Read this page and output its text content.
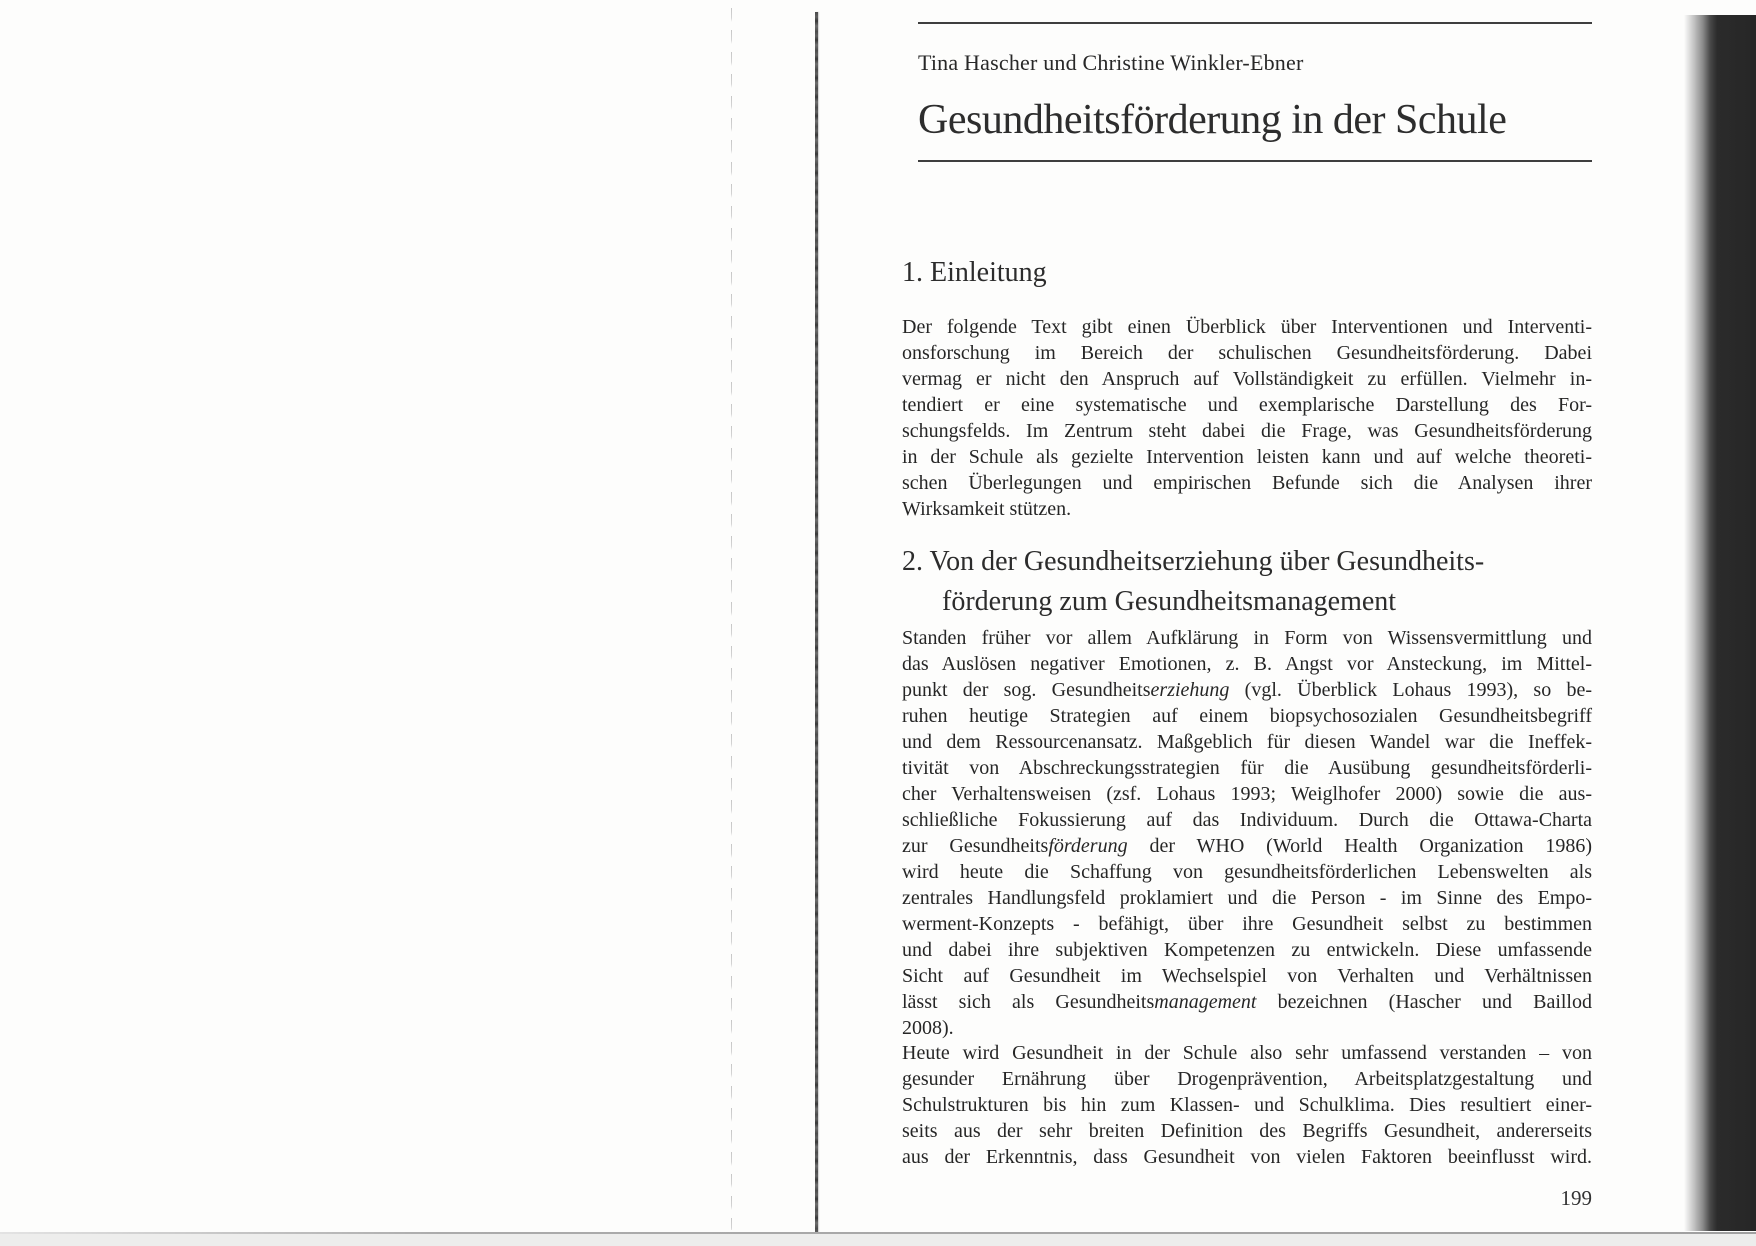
Tina Hascher und Christine Winkler-Ebner
Gesundheitsförderung in der Schule
1. Einleitung
Der folgende Text gibt einen Überblick über Interventionen und Interventi-
onsforschung im Bereich der schulischen Gesundheitsförderung. Dabei
vermag er nicht den Anspruch auf Vollständigkeit zu erfüllen. Vielmehr in-
tendiert er eine systematische und exemplarische Darstellung des For-
schungsfelds. Im Zentrum steht dabei die Frage, was Gesundheitsförderung
in der Schule als gezielte Intervention leisten kann und auf welche theoreti-
schen Überlegungen und empirischen Befunde sich die Analysen ihrer
Wirksamkeit stützen.
2. Von der Gesundheitserziehung über Gesundheits-
förderung zum Gesundheitsmanagement
Standen früher vor allem Aufklärung in Form von Wissensvermittlung und
das Auslösen negativer Emotionen, z. B. Angst vor Ansteckung, im Mittel-
punkt der sog. Gesundheitserziehung (vgl. Überblick Lohaus 1993), so be-
ruhen heutige Strategien auf einem biopsychosozialen Gesundheitsbegriff
und dem Ressourcenansatz. Maßgeblich für diesen Wandel war die Ineffek-
tivität von Abschreckungsstrategien für die Ausübung gesundheitsförderli-
cher Verhaltensweisen (zsf. Lohaus 1993; Weiglhofer 2000) sowie die aus-
schließliche Fokussierung auf das Individuum. Durch die Ottawa-Charta
zur Gesundheitsförderung der WHO (World Health Organization 1986)
wird heute die Schaffung von gesundheitsförderlichen Lebenswelten als
zentrales Handlungsfeld proklamiert und die Person - im Sinne des Empo-
werment-Konzepts - befähigt, über ihre Gesundheit selbst zu bestimmen
und dabei ihre subjektiven Kompetenzen zu entwickeln. Diese umfassende
Sicht auf Gesundheit im Wechselspiel von Verhalten und Verhältnissen
lässt sich als Gesundheitsmanagement bezeichnen (Hascher und Baillod
2008).
Heute wird Gesundheit in der Schule also sehr umfassend verstanden – von
gesunder Ernährung über Drogenprävention, Arbeitsplatzgestaltung und
Schulstrukturen bis hin zum Klassen- und Schulklima. Dies resultiert einer-
seits aus der sehr breiten Definition des Begriffs Gesundheit, andererseits
aus der Erkenntnis, dass Gesundheit von vielen Faktoren beeinflusst wird.
199
